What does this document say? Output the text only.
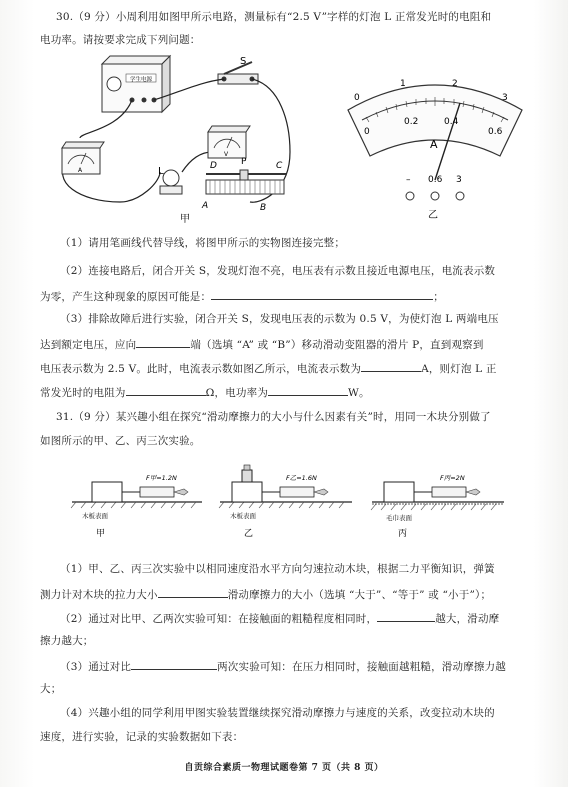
30.（9 分）小周利用如图甲所示电路，测量标有“2.5 V”字样的灯泡 L 正常发光时的电阻和
电功率。请按要求完成下列问题：
学生电源
S
A
V
L	D	P	C
A	B
甲
0
1	2
3
0
0.2	0.4
0.6
A
– 0.6 3
乙
（1）请用笔画线代替导线，将图甲所示的实物图连接完整；
（2）连接电路后，闭合开关 S，发现灯泡不亮，电压表有示数且接近电源电压，电流表示数
为零，产生这种现象的原因可能是：	；
（3）排除故障后进行实验，闭合开关 S，发现电压表的示数为 0.5 V，为使灯泡 L 两端电压
达到额定电压，应向	端（选填 “A” 或 “B”）移动滑动变阻器的滑片 P，直到观察到
电压表示数为 2.5 V。此时，电流表示数如图乙所示，电流表示数为	A，则灯泡 L 正
常发光时的电阻为	Ω，电功率为	W。
31.（9 分）某兴趣小组在探究“滑动摩擦力的大小与什么因素有关”时，用同一木块分别做了
如图所示的甲、乙、丙三次实验。
F甲=1.2N
木板表面
甲
F乙=1.6N
木板表面
乙
F丙=2N
毛巾表面
丙
（1）甲、乙、丙三次实验中以相同速度沿水平方向匀速拉动木块，根据二力平衡知识，弹簧
测力计对木块的拉力大小	滑动摩擦力的大小（选填 “大于”、“等于” 或 “小于”）；
（2）通过对比甲、乙两次实验可知：在接触面的粗糙程度相同时，	越大，滑动摩
擦力越大；
（3）通过对比	两次实验可知：在压力相同时，接触面越粗糙，滑动摩擦力越
大；
（4）兴趣小组的同学利用甲图实验装置继续探究滑动摩擦力与速度的关系，改变拉动木块的
速度，进行实验，记录的实验数据如下表：
自贡综合素质一物理试题卷第 7 页（共 8 页）
